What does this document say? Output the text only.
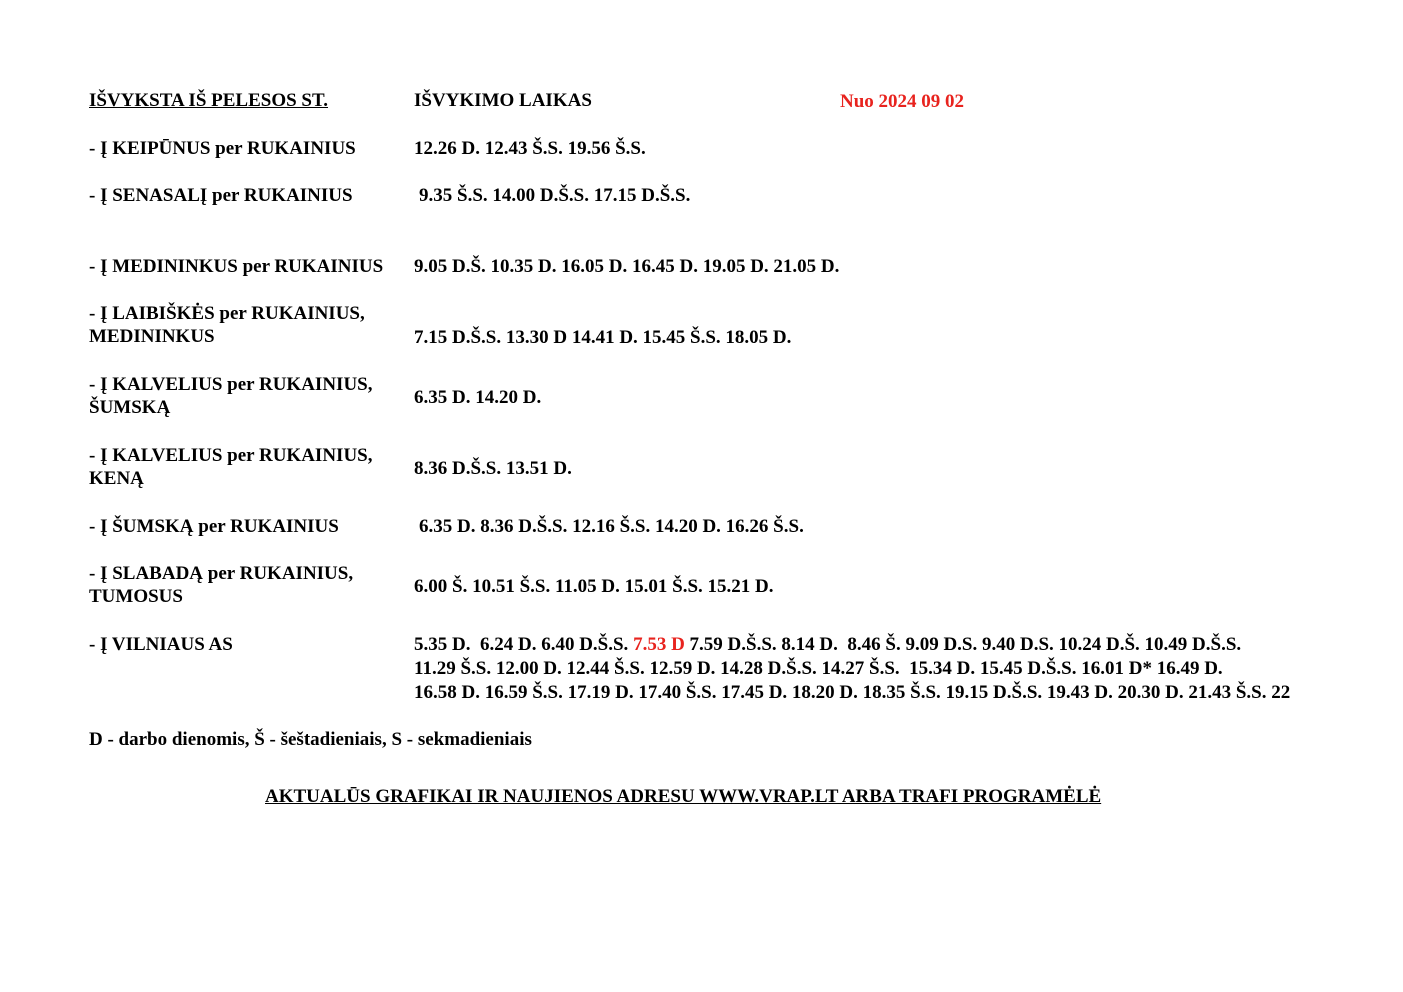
IŠVYKSTA IŠ PELESOS ST.	IŠVYKIMO LAIKAS	Nuo 2024 09 02
- Į KEIPŪNUS per RUKAINIUS	12.26 D. 12.43 Š.S. 19.56 Š.S.
- Į SENASALĮ per RUKAINIUS	9.35 Š.S. 14.00 D.Š.S. 17.15 D.Š.S.
- Į MEDININKUS per RUKAINIUS 9.05 D.Š. 10.35 D. 16.05 D. 16.45 D. 19.05 D. 21.05 D.
- Į LAIBIŠKĖS per RUKAINIUS,
MEDININKUS	7.15 D.Š.S. 13.30 D 14.41 D. 15.45 Š.S. 18.05 D.
- Į KALVELIUS per RUKAINIUS,
ŠUMSKĄ	6.35 D. 14.20 D.
- Į KALVELIUS per RUKAINIUS,
KENĄ	8.36 D.Š.S. 13.51 D.
- Į ŠUMSKĄ per RUKAINIUS	6.35 D. 8.36 D.Š.S. 12.16 Š.S. 14.20 D. 16.26 Š.S.
- Į SLABADĄ per RUKAINIUS,
TUMOSUS	6.00 Š. 10.51 Š.S. 11.05 D. 15.01 Š.S. 15.21 D.
- Į VILNIAUS AS	5.35 D.  6.24 D. 6.40 D.Š.S. 7.53 D 7.59 D.Š.S. 8.14 D.  8.46 Š. 9.09 D.S. 9.40 D.S. 10.24 D.Š. 10.49 D.Š.S.
11.29 Š.S. 12.00 D. 12.44 Š.S. 12.59 D. 14.28 D.Š.S. 14.27 Š.S.  15.34 D. 15.45 D.Š.S. 16.01 D* 16.49 D.
16.58 D. 16.59 Š.S. 17.19 D. 17.40 Š.S. 17.45 D. 18.20 D. 18.35 Š.S. 19.15 D.Š.S. 19.43 D. 20.30 D. 21.43 Š.S. 22
D - darbo dienomis, Š - šeštadieniais, S - sekmadieniais
AKTUALŪS GRAFIKAI IR NAUJIENOS ADRESU WWW.VRAP.LT ARBA TRAFI PROGRAMĖLĖ
